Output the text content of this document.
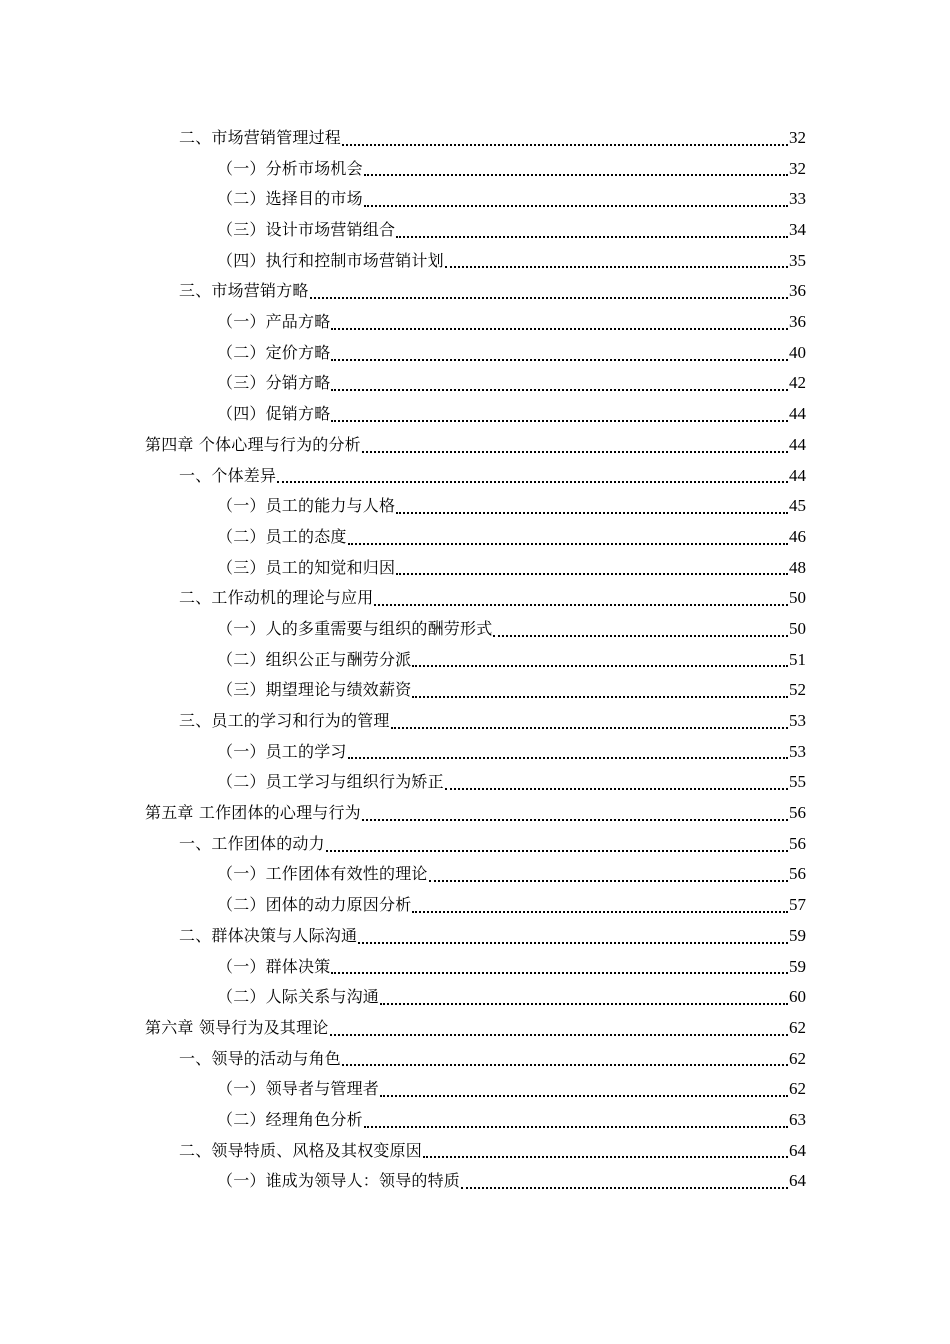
二、市场营销管理过程	32
（一）分析市场机会	32
（二）选择目的市场	33
（三）设计市场营销组合	34
（四）执行和控制市场营销计划	35
三、市场营销方略	36
（一）产品方略	36
（二）定价方略	40
（三）分销方略	42
（四）促销方略	44
第四章 个体心理与行为的分析	44
一、个体差异	44
（一）员工的能力与人格	45
（二）员工的态度	46
（三）员工的知觉和归因	48
二、工作动机的理论与应用	50
（一）人的多重需要与组织的酬劳形式	50
（二）组织公正与酬劳分派	51
（三）期望理论与绩效薪资	52
三、员工的学习和行为的管理	53
（一）员工的学习	53
（二）员工学习与组织行为矫正	55
第五章 工作团体的心理与行为	56
一、工作团体的动力	56
（一）工作团体有效性的理论	56
（二）团体的动力原因分析	57
二、群体决策与人际沟通	59
（一）群体决策	59
（二）人际关系与沟通	60
第六章 领导行为及其理论	62
一、领导的活动与角色	62
（一）领导者与管理者	62
（二）经理角色分析	63
二、领导特质、风格及其权变原因	64
（一）谁成为领导人：领导的特质	64
